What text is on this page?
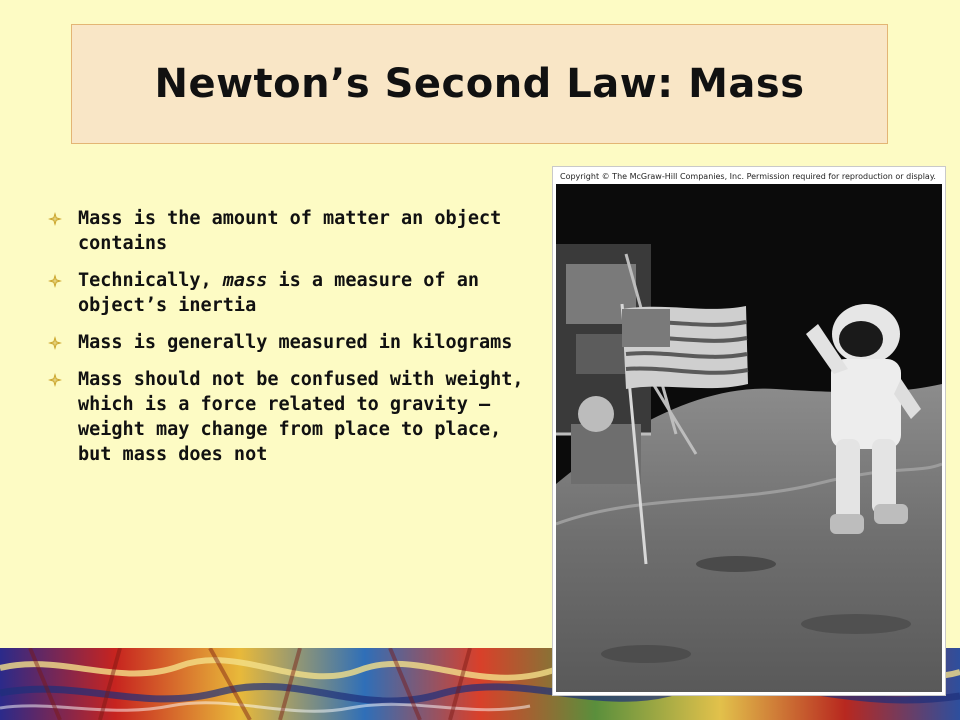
Newton’s Second Law: Mass
Mass is the amount of matter an object contains
Technically, mass is a measure of an object’s inertia
Mass is generally measured in kilograms
Mass should not be confused with weight, which is a force related to gravity – weight may change from place to place, but mass does not
Copyright © The McGraw-Hill Companies, Inc. Permission required for reproduction or display.
